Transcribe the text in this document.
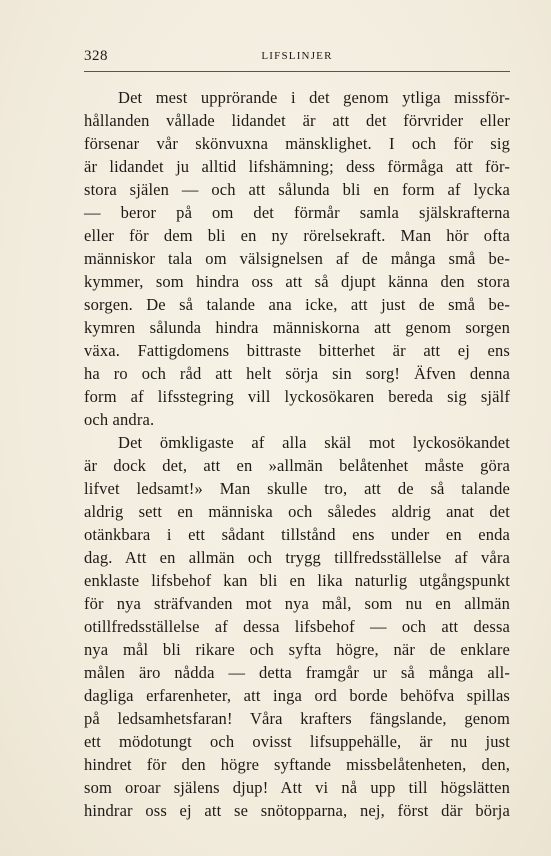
328	LIFSLINJER
Det mest upprörande i det genom ytliga missför-
hållanden vållade lidandet är att det förvrider eller
försenar vår skönvuxna mänsklighet. I och för sig
är lidandet ju alltid lifshämning; dess förmåga att för-
stora själen — och att sålunda bli en form af lycka
— beror på om det förmår samla själskrafterna
eller för dem bli en ny rörelsekraft. Man hör ofta
människor tala om välsignelsen af de många små be-
kymmer, som hindra oss att så djupt känna den stora
sorgen. De så talande ana icke, att just de små be-
kymren sålunda hindra människorna att genom sorgen
växa. Fattigdomens bittraste bitterhet är att ej ens
ha ro och råd att helt sörja sin sorg! Äfven denna
form af lifsstegring vill lyckosökaren bereda sig själf
och andra.
Det ömkligaste af alla skäl mot lyckosökandet
är dock det, att en »allmän belåtenhet måste göra
lifvet ledsamt!» Man skulle tro, att de så talande
aldrig sett en människa och således aldrig anat det
otänkbara i ett sådant tillstånd ens under en enda
dag. Att en allmän och trygg tillfredsställelse af våra
enklaste lifsbehof kan bli en lika naturlig utgångspunkt
för nya sträfvanden mot nya mål, som nu en allmän
otillfredsställelse af dessa lifsbehof — och att dessa
nya mål bli rikare och syfta högre, när de enklare
målen äro nådda — detta framgår ur så många all-
dagliga erfarenheter, att inga ord borde behöfva spillas
på ledsamhetsfaran! Våra krafters fängslande, genom
ett mödotungt och ovisst lifsuppehälle, är nu just
hindret för den högre syftande missbelåtenheten, den,
som oroar själens djup! Att vi nå upp till högslätten
hindrar oss ej att se snötopparna, nej, först där börja
